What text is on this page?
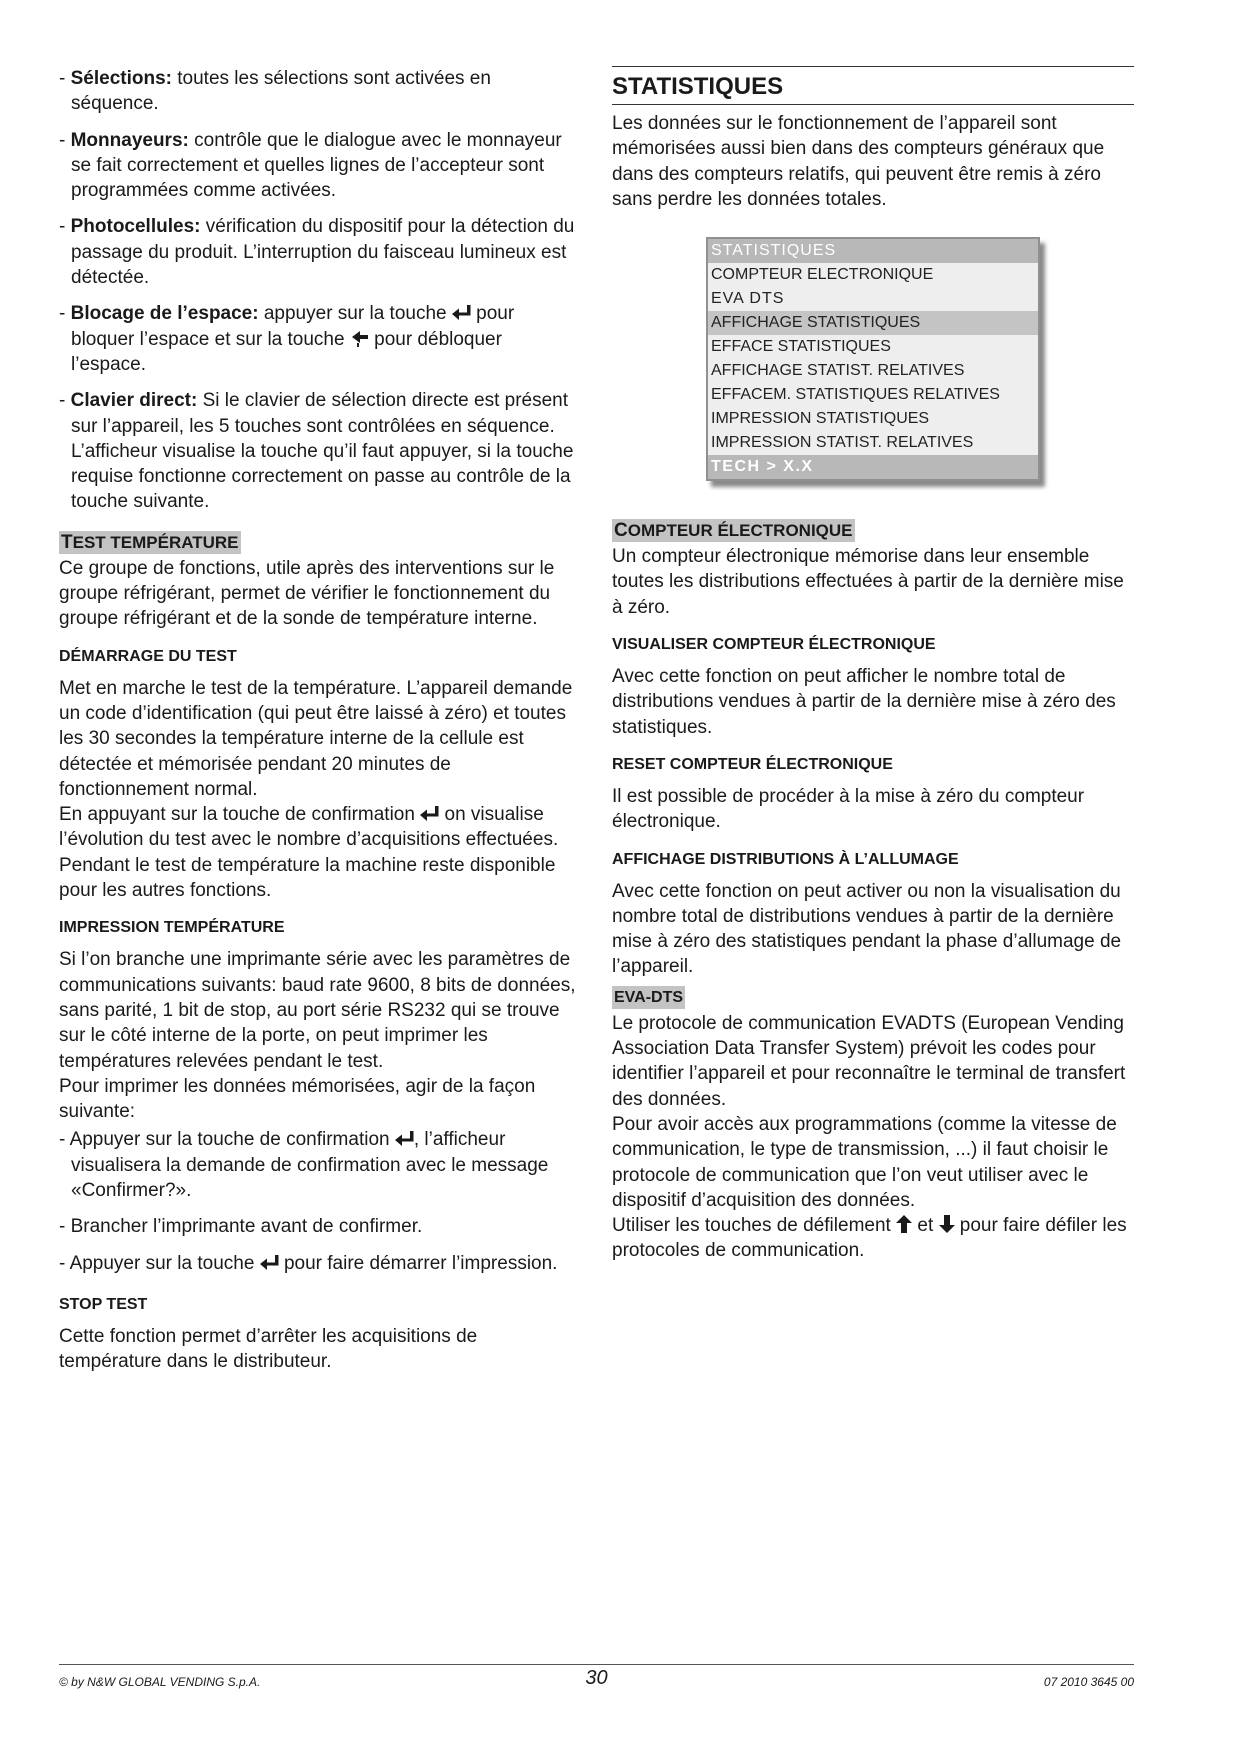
- Sélections: toutes les sélections sont activées en séquence.

- Monnayeurs: contrôle que le dialogue avec le monnayeur se fait correctement et quelles lignes de l’accepteur sont programmées comme activées.

- Photocellules: vérification du dispositif pour la détection du passage du produit. L’interruption du faisceau lumineux est détectée.

- Blocage de l’espace: appuyer sur la touche
pour bloquer l’espace et sur la touche
pour débloquer l’espace.

- Clavier direct: Si le clavier de sélection directe est présent sur l’appareil, les 5 touches sont contrôlées en séquence.

L’afficheur visualise la touche qu’il faut appuyer, si la touche requise fonctionne correctement on passe au contrôle de la touche suivante.

TEST TEMPÉRATURE

Ce groupe de fonctions, utile après des interventions sur le groupe réfrigérant, permet de vérifier le fonctionnement du groupe réfrigérant et de la sonde de température interne.

DÉMARRAGE DU TEST

Met en marche le test de la température. L’appareil demande un code d’identification (qui peut être laissé à zéro) et toutes les 30 secondes la température interne de la cellule est détectée et mémorisée pendant 20 minutes de fonctionnement normal.

En appuyant sur la touche de confirmation
on visualise l’évolution du test avec le nombre d’acquisitions effectuées.

Pendant le test de température la machine reste disponible pour les autres fonctions.

IMPRESSION TEMPÉRATURE

Si l’on branche une imprimante série avec les paramètres de communications suivants: baud rate 9600, 8 bits de données, sans parité, 1 bit de stop, au port série RS232 qui se trouve sur le côté interne de la porte, on peut imprimer les températures relevées pendant le test.

Pour imprimer les données mémorisées, agir de la façon suivante:

- Appuyer sur la touche de confirmation
, l’afficheur visualisera la demande de confirmation avec le message «Confirmer?».

- Brancher l’imprimante avant de confirmer.

- Appuyer sur la touche
pour faire démarrer l’impression.

STOP TEST

Cette fonction permet d’arrêter les acquisitions de température dans le distributeur.

STATISTIQUES

Les données sur le fonctionnement de l’appareil sont mémorisées aussi bien dans des compteurs généraux que dans des compteurs relatifs, qui peuvent être remis à zéro sans perdre les données totales.

STATISTIQUES
COMPTEUR ELECTRONIQUE
EVA DTS
AFFICHAGE STATISTIQUES
EFFACE STATISTIQUES
AFFICHAGE STATIST. RELATIVES
EFFACEM. STATISTIQUES RELATIVES
IMPRESSION STATISTIQUES
IMPRESSION STATIST. RELATIVES
TECH > X.X
COMPTEUR ÉLECTRONIQUE

Un compteur électronique mémorise dans leur ensemble toutes les distributions effectuées à partir de la dernière mise à zéro.

VISUALISER COMPTEUR ÉLECTRONIQUE

Avec cette fonction on peut afficher le nombre total de distributions vendues à partir de la dernière mise à zéro des statistiques.

RESET COMPTEUR ÉLECTRONIQUE

Il est possible de procéder à la mise à zéro du compteur électronique.

AFFICHAGE DISTRIBUTIONS À L’ALLUMAGE

Avec cette fonction on peut activer ou non la visualisation du nombre total de distributions vendues à partir de la dernière mise à zéro des statistiques pendant la phase d’allumage de l’appareil.

EVA-DTS

Le protocole de communication EVADTS (European Vending Association Data Transfer System) prévoit les codes pour identifier l’appareil et pour reconnaître le terminal de transfert des données.

Pour avoir accès aux programmations (comme la vitesse de communication, le type de transmission, ...) il faut choisir le protocole de communication que l’on veut utiliser avec le dispositif d’acquisition des données.

Utiliser les touches de défilement
et
pour faire défiler les protocoles de communication.

© by N&W GLOBAL VENDING S.p.A.	30	07 2010 3645 00
